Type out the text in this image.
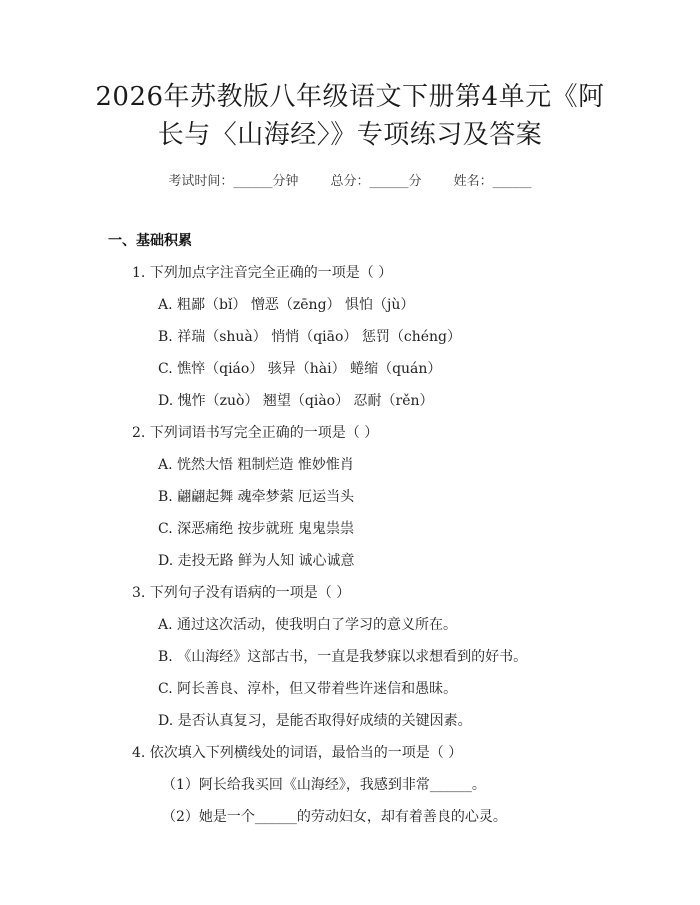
2026年苏教版八年级语文下册第4单元《阿
长与〈山海经〉》专项练习及答案
考试时间：______分钟 总分：______分 姓名：______
一、基础积累
1. 下列加点字注音完全正确的一项是（ ）
A. 粗鄙（bǐ） 憎恶（zēng） 惧怕（jù）
B. 祥瑞（shuà） 悄悄（qiāo） 惩罚（chéng）
C. 憔悴（qiáo） 骇异（hài） 蜷缩（quán）
D. 愧怍（zuò） 翘望（qiào） 忍耐（rěn）
2. 下列词语书写完全正确的一项是（ ）
A. 恍然大悟 粗制烂造 惟妙惟肖
B. 翩翩起舞 魂牵梦萦 厄运当头
C. 深恶痛绝 按步就班 鬼鬼祟祟
D. 走投无路 鲜为人知 诚心诚意
3. 下列句子没有语病的一项是（ ）
A. 通过这次活动，使我明白了学习的意义所在。
B. 《山海经》这部古书，一直是我梦寐以求想看到的好书。
C. 阿长善良、淳朴，但又带着些许迷信和愚昧。
D. 是否认真复习，是能否取得好成绩的关键因素。
4. 依次填入下列横线处的词语，最恰当的一项是（ ）
（1）阿长给我买回《山海经》，我感到非常______。
（2）她是一个______的劳动妇女，却有着善良的心灵。
